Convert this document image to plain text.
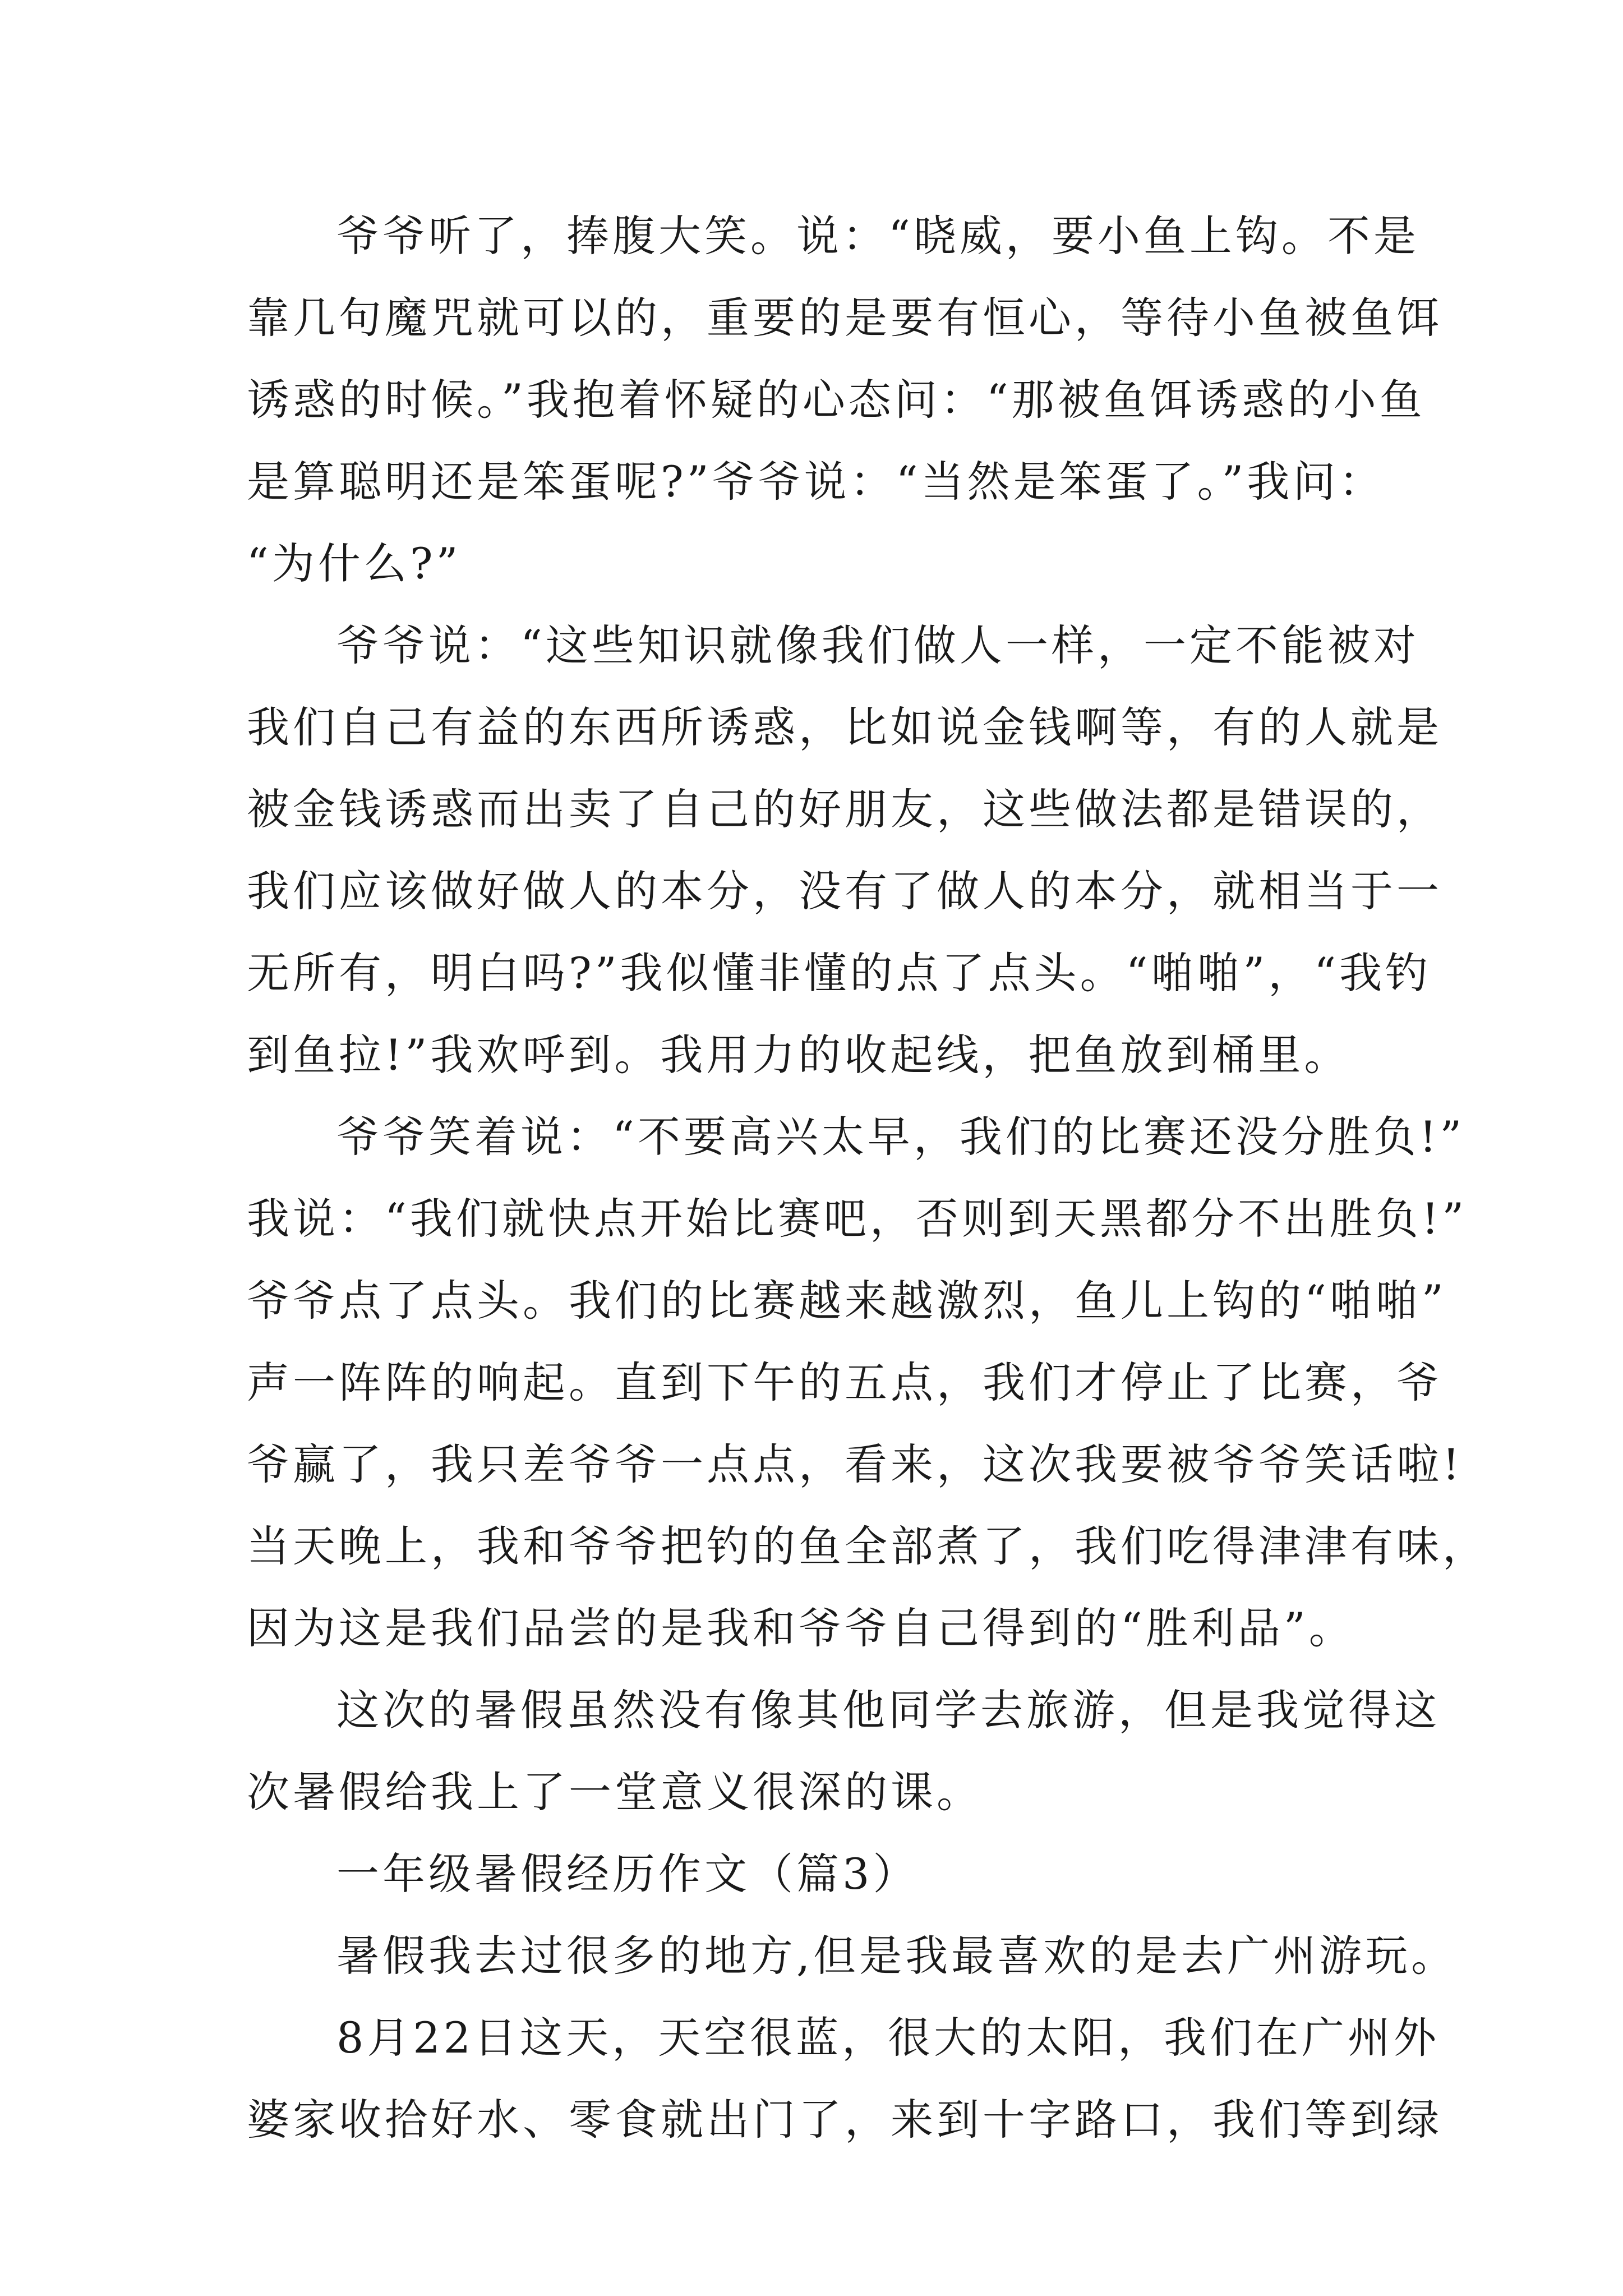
爷爷听了，捧腹大笑。说：“晓威，要小鱼上钩。不是
靠几句魔咒就可以的，重要的是要有恒心，等待小鱼被鱼饵
诱惑的时候。”我抱着怀疑的心态问：“那被鱼饵诱惑的小鱼
是算聪明还是笨蛋呢?”爷爷说：“当然是笨蛋了。”我问：
“为什么?”
爷爷说：“这些知识就像我们做人一样，一定不能被对
我们自己有益的东西所诱惑，比如说金钱啊等，有的人就是
被金钱诱惑而出卖了自己的好朋友，这些做法都是错误的，
我们应该做好做人的本分，没有了做人的本分，就相当于一
无所有，明白吗?”我似懂非懂的点了点头。“啪啪”，“我钓
到鱼拉!”我欢呼到。我用力的收起线，把鱼放到桶里。
爷爷笑着说：“不要高兴太早，我们的比赛还没分胜负!”
我说：“我们就快点开始比赛吧，否则到天黑都分不出胜负!”
爷爷点了点头。我们的比赛越来越激烈，鱼儿上钩的“啪啪”
声一阵阵的响起。直到下午的五点，我们才停止了比赛，爷
爷赢了，我只差爷爷一点点，看来，这次我要被爷爷笑话啦!
当天晚上，我和爷爷把钓的鱼全部煮了，我们吃得津津有味，
因为这是我们品尝的是我和爷爷自己得到的“胜利品”。
这次的暑假虽然没有像其他同学去旅游，但是我觉得这
次暑假给我上了一堂意义很深的课。
一年级暑假经历作文（篇3）
暑假我去过很多的地方,但是我最喜欢的是去广州游玩。
8月22日这天，天空很蓝，很大的太阳，我们在广州外
婆家收拾好水、零食就出门了，来到十字路口，我们等到绿
